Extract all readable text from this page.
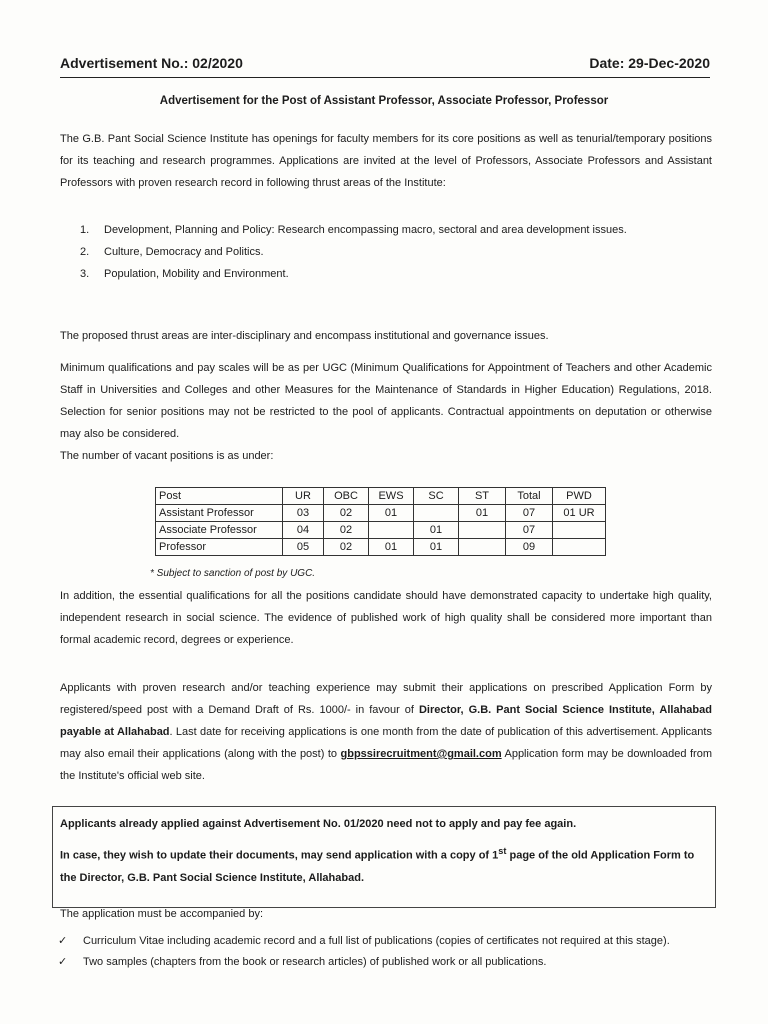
Advertisement No.: 02/2020	Date: 29-Dec-2020
Advertisement for the Post of Assistant Professor, Associate Professor, Professor
The G.B. Pant Social Science Institute has openings for faculty members for its core positions as well as tenurial/temporary positions for its teaching and research programmes. Applications are invited at the level of Professors, Associate Professors and Assistant Professors with proven research record in following thrust areas of the Institute:
1. Development, Planning and Policy: Research encompassing macro, sectoral and area development issues.
2. Culture, Democracy and Politics.
3. Population, Mobility and Environment.
The proposed thrust areas are inter-disciplinary and encompass institutional and governance issues.
Minimum qualifications and pay scales will be as per UGC (Minimum Qualifications for Appointment of Teachers and other Academic Staff in Universities and Colleges and other Measures for the Maintenance of Standards in Higher Education) Regulations, 2018. Selection for senior positions may not be restricted to the pool of applicants. Contractual appointments on deputation or otherwise may also be considered.
The number of vacant positions is as under:
Post	UR	OBC	EWS	SC	ST	Total	PWD
Assistant Professor	03	02	01		01	07	01 UR
Associate Professor	04	02		01		07	
Professor	05	02	01	01		09	
* Subject to sanction of post by UGC.
In addition, the essential qualifications for all the positions candidate should have demonstrated capacity to undertake high quality, independent research in social science. The evidence of published work of high quality shall be considered more important than formal academic record, degrees or experience.
Applicants with proven research and/or teaching experience may submit their applications on prescribed Application Form by registered/speed post with a Demand Draft of Rs. 1000/- in favour of Director, G.B. Pant Social Science Institute, Allahabad payable at Allahabad. Last date for receiving applications is one month from the date of publication of this advertisement. Applicants may also email their applications (along with the post) to gbpssirecruitment@gmail.com Application form may be downloaded from the Institute's official web site.
Applicants already applied against Advertisement No. 01/2020 need not to apply and pay fee again.
In case, they wish to update their documents, may send application with a copy of 1st page of the old Application Form to the Director, G.B. Pant Social Science Institute, Allahabad.
The application must be accompanied by:
✓ Curriculum Vitae including academic record and a full list of publications (copies of certificates not required at this stage).
✓ Two samples (chapters from the book or research articles) of published work or all publications.
